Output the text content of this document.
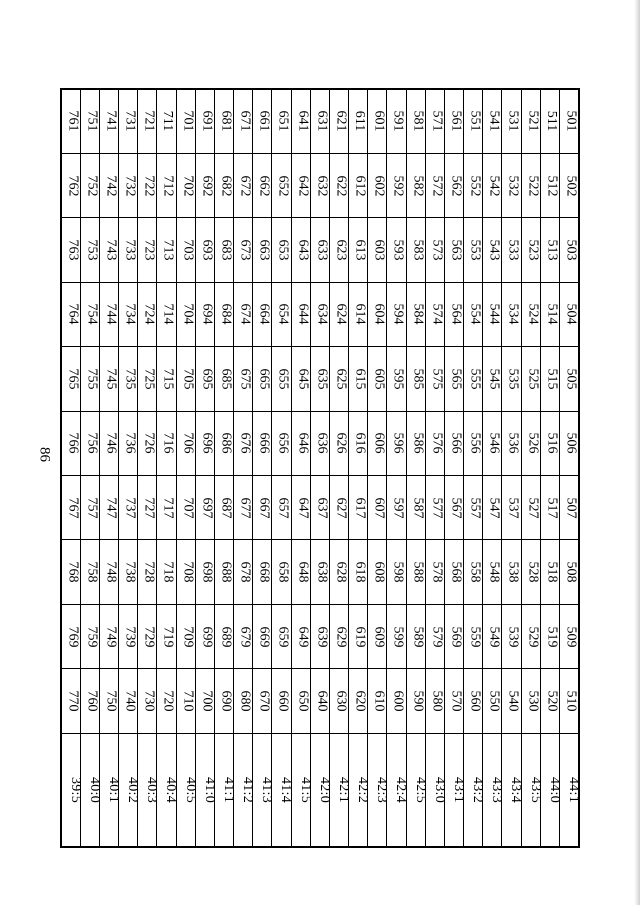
86
761	751	741	731	721	711	701	691	681	671	661	651	641	631	621	611	601	591	581	571	561	551	541	531	521	511	501
762	752	742	732	722	712	702	692	682	672	662	652	642	632	622	612	602	592	582	572	562	552	542	532	522	512	502
763	753	743	733	723	713	703	693	683	673	663	653	643	633	623	613	603	593	583	573	563	553	543	533	523	513	503
764	754	744	734	724	714	704	694	684	674	664	654	644	634	624	614	604	594	584	574	564	554	544	534	524	514	504
765	755	745	735	725	715	705	695	685	675	665	655	645	635	625	615	605	595	585	575	565	555	545	535	525	515	505
766	756	746	736	726	716	706	696	686	676	666	656	646	636	626	616	606	596	586	576	566	556	546	536	526	516	506
767	757	747	737	727	717	707	697	687	677	667	657	647	637	627	617	607	597	587	577	567	557	547	537	527	517	507
768	758	748	738	728	718	708	698	688	678	668	658	648	638	628	618	608	598	588	578	568	558	548	538	528	518	508
769	759	749	739	729	719	709	699	689	679	669	659	649	639	629	619	609	599	589	579	569	559	549	539	529	519	509
770	760	750	740	730	720	710	700	690	680	670	660	650	640	630	620	610	600	590	580	570	560	550	540	530	520	510
39:5	40:0	40:1	40:2	40:3	40:4	40:5	41:0	41:1	41:2	41:3	41:4	41:5	42:0	42:1	42:2	42:3	42:4	42:5	43:0	43:1	43:2	43:3	43:4	43:5	44:0	44:1
